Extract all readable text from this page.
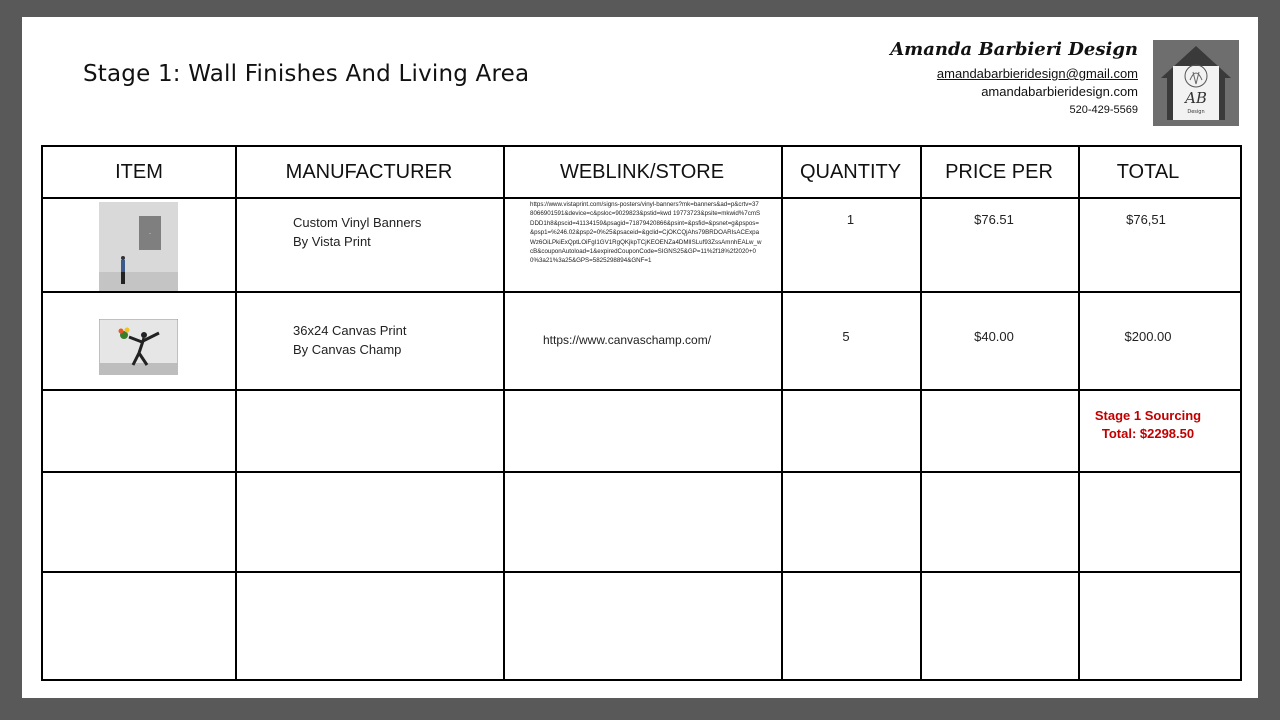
Stage 1: Wall Finishes And Living Area
Amanda Barbieri Design
amandabarbieridesign@gmail.com
amandabarbieridesign.com
520-429-5569
AB
Design
ITEM	MANUFACTURER	WEBLINK/STORE	QUANTITY	PRICE PER	TOTAL
··
Custom Vinyl Banners
By Vista Print
https://www.vistaprint.com/signs-posters/vinyl-banners?mk=banners&ad=p&crtv=378066901591&device=c&psloc=9029823&pstid=kwd 19773723&psite=mkwid%7cmSDDD1h8&pscid=41134159&psagid=71879420866&psint=&psfid=&psnet=g&pspos=&psp1=%246.02&psp2=0%25&psaceid=&gclid=CjOKCQjAhs79BRDOARIsACExpaWz6OiLPkiExQptLOiFgI1GV1RgQKjkpTCjKEOENZa4DMlISLuf93ZssAmnhEALw_wcB&couponAutoload=1&expiredCouponCode=SIGNS25&GP=11%2f18%2f2020+00%3a21%3a25&GPS=5825298894&GNF=1
1	$76.51	$76,51
36x24 Canvas Print
By Canvas Champ
https://www.canvaschamp.com/	5	$40.00	$200.00
Stage 1 Sourcing
Total: $2298.50
